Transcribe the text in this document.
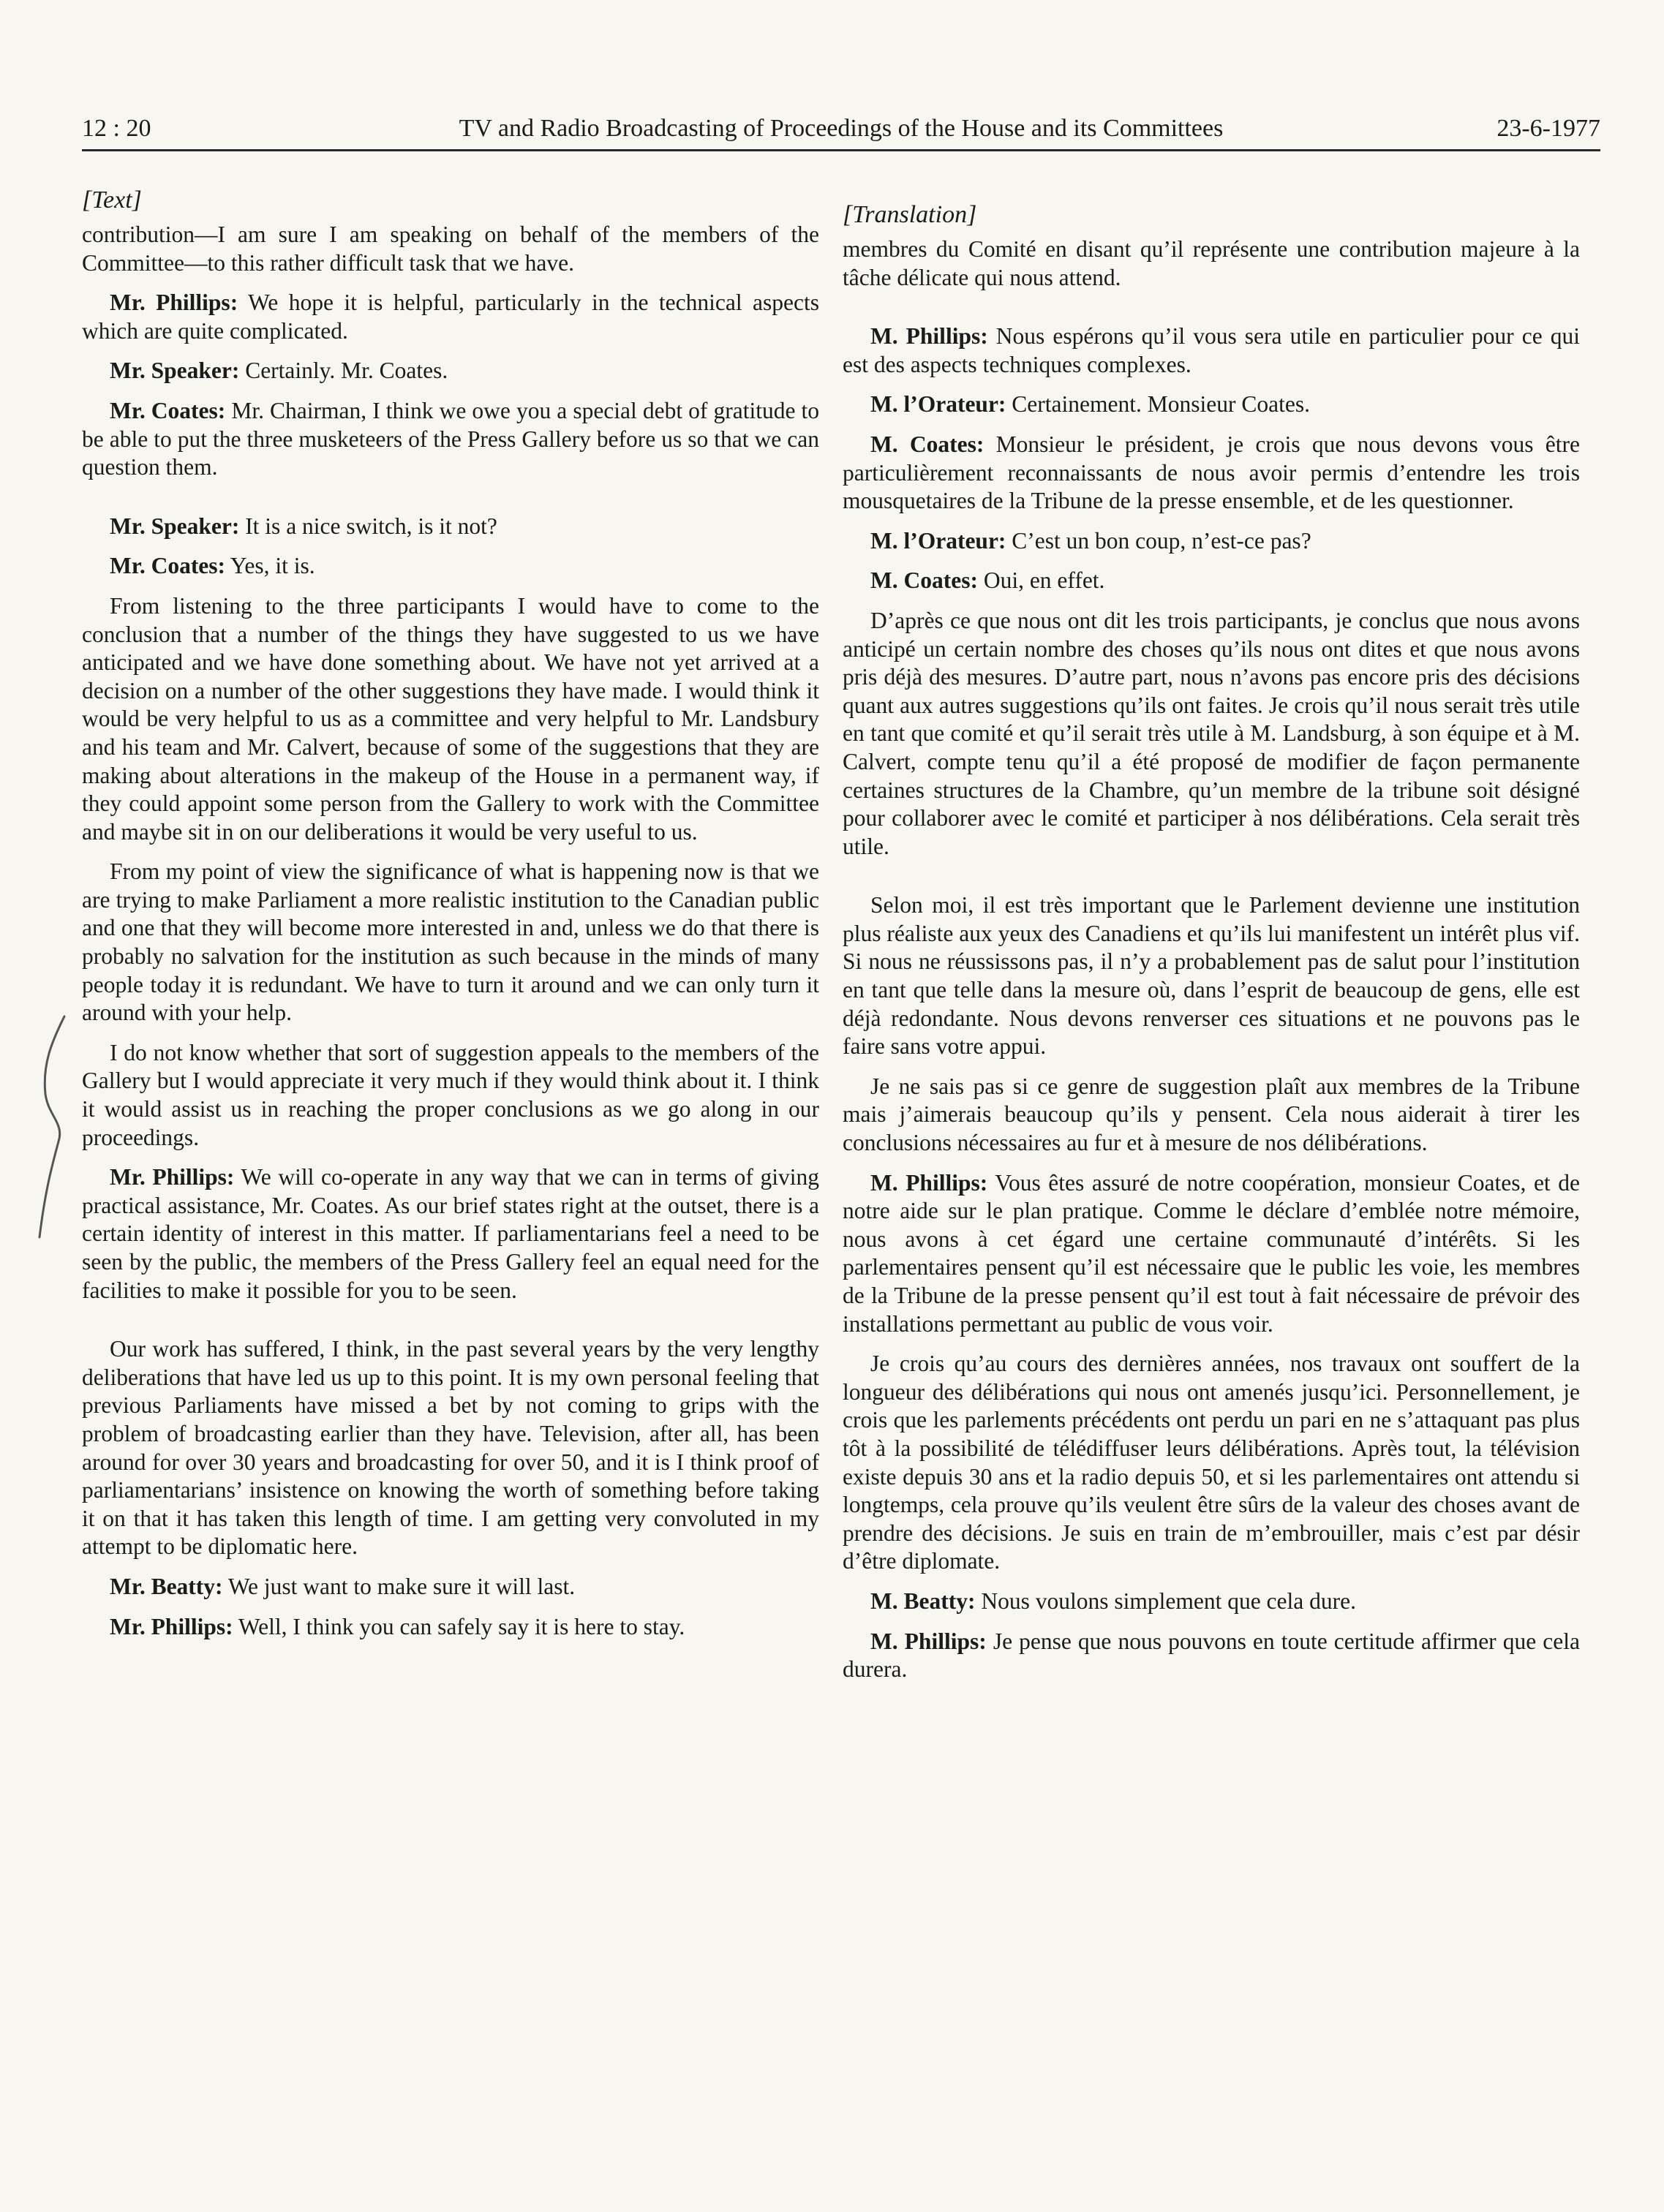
12 : 20	TV and Radio Broadcasting of Proceedings of the House and its Committees	23-6-1977
[Text]

contribution—I am sure I am speaking on behalf of the members of the Committee—to this rather difficult task that we have.

Mr. Phillips: We hope it is helpful, particularly in the technical aspects which are quite complicated.

Mr. Speaker: Certainly. Mr. Coates.

Mr. Coates: Mr. Chairman, I think we owe you a special debt of gratitude to be able to put the three musketeers of the Press Gallery before us so that we can question them.

Mr. Speaker: It is a nice switch, is it not?

Mr. Coates: Yes, it is.

From listening to the three participants I would have to come to the conclusion that a number of the things they have suggested to us we have anticipated and we have done something about. We have not yet arrived at a decision on a number of the other suggestions they have made. I would think it would be very helpful to us as a committee and very helpful to Mr. Landsbury and his team and Mr. Calvert, because of some of the suggestions that they are making about alterations in the makeup of the House in a permanent way, if they could appoint some person from the Gallery to work with the Committee and maybe sit in on our deliberations it would be very useful to us.

From my point of view the significance of what is happening now is that we are trying to make Parliament a more realistic institution to the Canadian public and one that they will become more interested in and, unless we do that there is probably no salvation for the institution as such because in the minds of many people today it is redundant. We have to turn it around and we can only turn it around with your help.

I do not know whether that sort of suggestion appeals to the members of the Gallery but I would appreciate it very much if they would think about it. I think it would assist us in reaching the proper conclusions as we go along in our proceedings.

Mr. Phillips: We will co-operate in any way that we can in terms of giving practical assistance, Mr. Coates. As our brief states right at the outset, there is a certain identity of interest in this matter. If parliamentarians feel a need to be seen by the public, the members of the Press Gallery feel an equal need for the facilities to make it possible for you to be seen.

Our work has suffered, I think, in the past several years by the very lengthy deliberations that have led us up to this point. It is my own personal feeling that previous Parliaments have missed a bet by not coming to grips with the problem of broadcasting earlier than they have. Television, after all, has been around for over 30 years and broadcasting for over 50, and it is I think proof of parliamentarians’ insistence on knowing the worth of something before taking it on that it has taken this length of time. I am getting very convoluted in my attempt to be diplomatic here.

Mr. Beatty: We just want to make sure it will last.

Mr. Phillips: Well, I think you can safely say it is here to stay.

[Translation]

membres du Comité en disant qu’il représente une contribution majeure à la tâche délicate qui nous attend.

M. Phillips: Nous espérons qu’il vous sera utile en particulier pour ce qui est des aspects techniques complexes.

M. l’Orateur: Certainement. Monsieur Coates.

M. Coates: Monsieur le président, je crois que nous devons vous être particulièrement reconnaissants de nous avoir permis d’entendre les trois mousquetaires de la Tribune de la presse ensemble, et de les questionner.

M. l’Orateur: C’est un bon coup, n’est-ce pas?

M. Coates: Oui, en effet.

D’après ce que nous ont dit les trois participants, je conclus que nous avons anticipé un certain nombre des choses qu’ils nous ont dites et que nous avons pris déjà des mesures. D’autre part, nous n’avons pas encore pris des décisions quant aux autres suggestions qu’ils ont faites. Je crois qu’il nous serait très utile en tant que comité et qu’il serait très utile à M. Landsburg, à son équipe et à M. Calvert, compte tenu qu’il a été proposé de modifier de façon permanente certaines structures de la Chambre, qu’un membre de la tribune soit désigné pour collaborer avec le comité et participer à nos délibérations. Cela serait très utile.

Selon moi, il est très important que le Parlement devienne une institution plus réaliste aux yeux des Canadiens et qu’ils lui manifestent un intérêt plus vif. Si nous ne réussissons pas, il n’y a probablement pas de salut pour l’institution en tant que telle dans la mesure où, dans l’esprit de beaucoup de gens, elle est déjà redondante. Nous devons renverser ces situations et ne pouvons pas le faire sans votre appui.

Je ne sais pas si ce genre de suggestion plaît aux membres de la Tribune mais j’aimerais beaucoup qu’ils y pensent. Cela nous aiderait à tirer les conclusions nécessaires au fur et à mesure de nos délibérations.

M. Phillips: Vous êtes assuré de notre coopération, monsieur Coates, et de notre aide sur le plan pratique. Comme le déclare d’emblée notre mémoire, nous avons à cet égard une certaine communauté d’intérêts. Si les parlementaires pensent qu’il est nécessaire que le public les voie, les membres de la Tribune de la presse pensent qu’il est tout à fait nécessaire de prévoir des installations permettant au public de vous voir.

Je crois qu’au cours des dernières années, nos travaux ont souffert de la longueur des délibérations qui nous ont amenés jusqu’ici. Personnellement, je crois que les parlements précédents ont perdu un pari en ne s’attaquant pas plus tôt à la possibilité de télédiffuser leurs délibérations. Après tout, la télévision existe depuis 30 ans et la radio depuis 50, et si les parlementaires ont attendu si longtemps, cela prouve qu’ils veulent être sûrs de la valeur des choses avant de prendre des décisions. Je suis en train de m’embrouiller, mais c’est par désir d’être diplomate.

M. Beatty: Nous voulons simplement que cela dure.

M. Phillips: Je pense que nous pouvons en toute certitude affirmer que cela durera.
